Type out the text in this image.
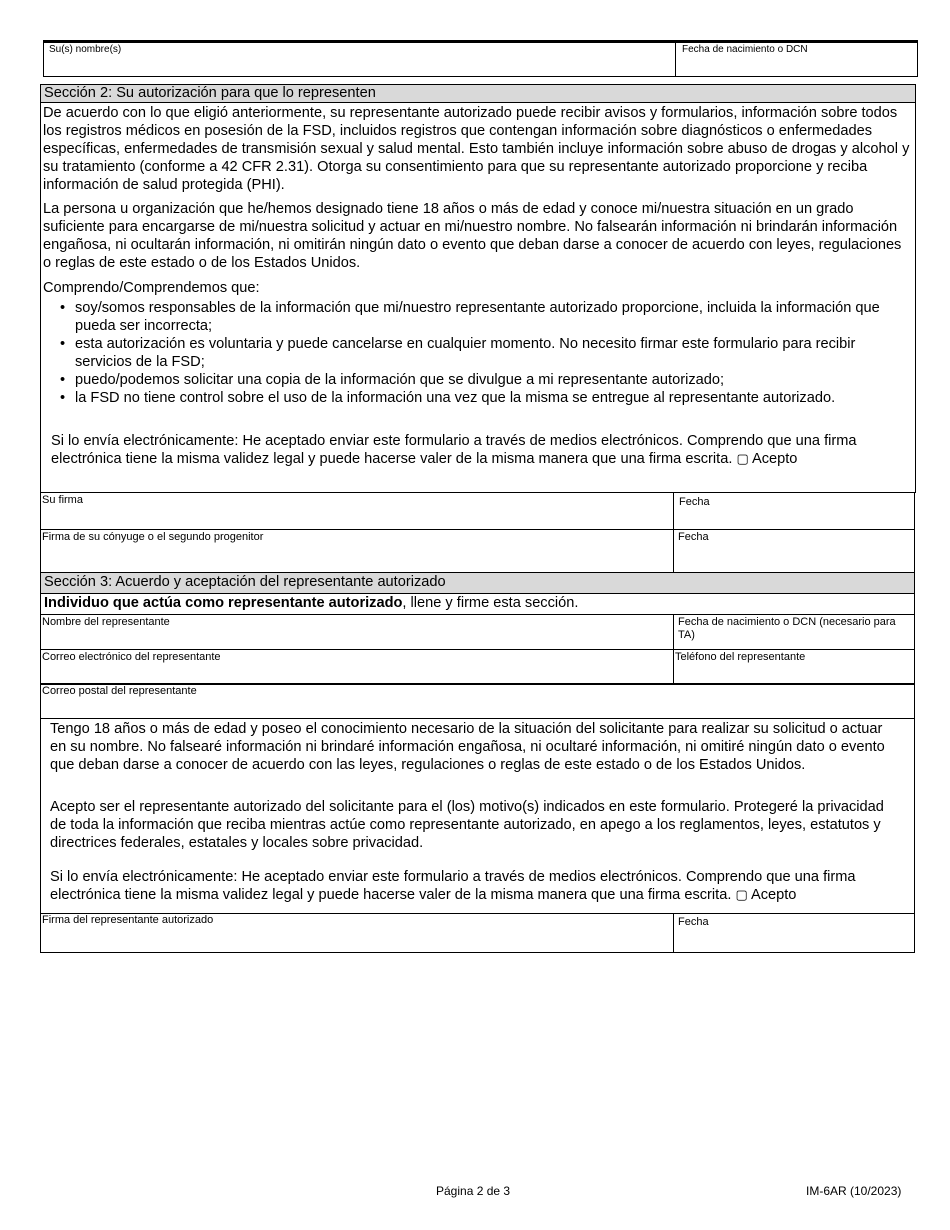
Su(s) nombre(s)	Fecha de nacimiento o DCN
Sección 2: Su autorización para que lo representen

De acuerdo con lo que eligió anteriormente, su representante autorizado puede recibir avisos y formularios, información sobre todos los registros médicos en posesión de la FSD, incluidos registros que contengan información sobre diagnósticos o enfermedades específicas, enfermedades de transmisión sexual y salud mental. Esto también incluye información sobre abuso de drogas y alcohol y su tratamiento (conforme a 42 CFR 2.31). Otorga su consentimiento para que su representante autorizado proporcione y reciba información de salud protegida (PHI).

La persona u organización que he/hemos designado tiene 18 años o más de edad y conoce mi/nuestra situación en un grado suficiente para encargarse de mi/nuestra solicitud y actuar en mi/nuestro nombre. No falsearán información ni brindarán información engañosa, ni ocultarán información, ni omitirán ningún dato o evento que deban darse a conocer de acuerdo con leyes, regulaciones o reglas de este estado o de los Estados Unidos.

Comprendo/Comprendemos que:

• soy/somos responsables de la información que mi/nuestro representante autorizado proporcione, incluida la información que pueda ser incorrecta;
• esta autorización es voluntaria y puede cancelarse en cualquier momento. No necesito firmar este formulario para recibir servicios de la FSD;
• puedo/podemos solicitar una copia de la información que se divulgue a mi representante autorizado;
• la FSD no tiene control sobre el uso de la información una vez que la misma se entregue al representante autorizado.

Si lo envía electrónicamente: He aceptado enviar este formulario a través de medios electrónicos. Comprendo que una firma electrónica tiene la misma validez legal y puede hacerse valer de la misma manera que una firma escrita. ▢ Acepto

Su firma	Fecha
Firma de su cónyuge o el segundo progenitor	Fecha
Sección 3: Acuerdo y aceptación del representante autorizado
Individuo que actúa como representante autorizado, llene y firme esta sección.
Nombre del representante	Fecha de nacimiento o DCN (necesario para TA)
Correo electrónico del representante	Teléfono del representante
Correo postal del representante

Tengo 18 años o más de edad y poseo el conocimiento necesario de la situación del solicitante para realizar su solicitud o actuar en su nombre. No falsearé información ni brindaré información engañosa, ni ocultaré información, ni omitiré ningún dato o evento que deban darse a conocer de acuerdo con las leyes, regulaciones o reglas de este estado o de los Estados Unidos.

Acepto ser el representante autorizado del solicitante para el (los) motivo(s) indicados en este formulario. Protegeré la privacidad de toda la información que reciba mientras actúe como representante autorizado, en apego a los reglamentos, leyes, estatutos y directrices federales, estatales y locales sobre privacidad.

Si lo envía electrónicamente: He aceptado enviar este formulario a través de medios electrónicos. Comprendo que una firma electrónica tiene la misma validez legal y puede hacerse valer de la misma manera que una firma escrita. ▢ Acepto

Firma del representante autorizado	Fecha
Página 2 de 3	IM-6AR (10/2023)
